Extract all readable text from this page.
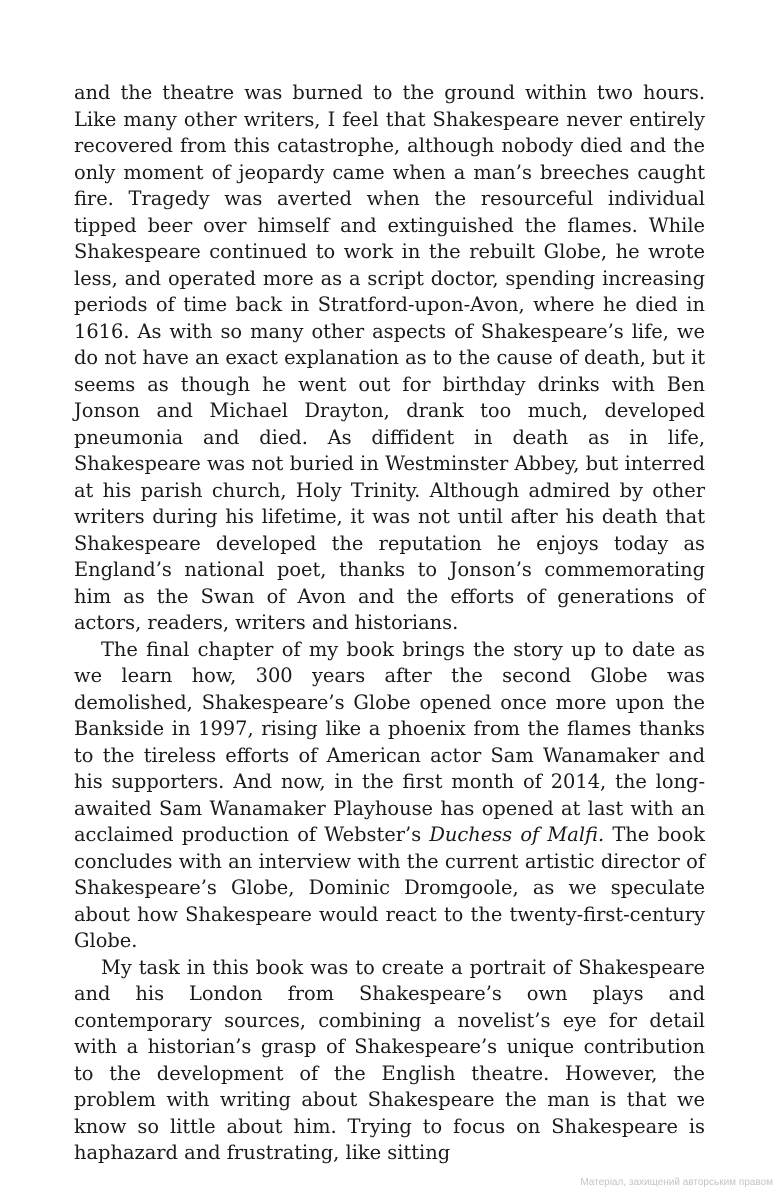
and the theatre was burned to the ground within two hours. Like many other writers, I feel that Shakespeare never entirely recovered from this catastrophe, although nobody died and the only moment of jeopardy came when a man’s breeches caught fire. Tragedy was averted when the resourceful individual tipped beer over himself and extinguished the flames. While Shakespeare continued to work in the rebuilt Globe, he wrote less, and operated more as a script doctor, spending increasing periods of time back in Stratford-upon-Avon, where he died in 1616. As with so many other aspects of Shakespeare’s life, we do not have an exact explanation as to the cause of death, but it seems as though he went out for birthday drinks with Ben Jonson and Michael Drayton, drank too much, developed pneumonia and died. As diffident in death as in life, Shakespeare was not buried in Westminster Abbey, but interred at his parish church, Holy Trinity. Although admired by other writers during his lifetime, it was not until after his death that Shakespeare developed the reputation he enjoys today as England’s national poet, thanks to Jonson’s commemorating him as the Swan of Avon and the efforts of generations of actors, readers, writers and historians.

The final chapter of my book brings the story up to date as we learn how, 300 years after the second Globe was demolished, Shakespeare’s Globe opened once more upon the Bankside in 1997, rising like a phoenix from the flames thanks to the tireless efforts of American actor Sam Wanamaker and his supporters. And now, in the first month of 2014, the long-awaited Sam Wanamaker Playhouse has opened at last with an acclaimed production of Webster’s Duchess of Malfi. The book concludes with an interview with the current artistic director of Shakespeare’s Globe, Dominic Dromgoole, as we speculate about how Shakespeare would react to the twenty-first-century Globe.

My task in this book was to create a portrait of Shakespeare and his London from Shakespeare’s own plays and contemporary sources, combining a novelist’s eye for detail with a historian’s grasp of Shakespeare’s unique contribution to the development of the English theatre. However, the problem with writing about Shakespeare the man is that we know so little about him. Trying to focus on Shakespeare is haphazard and frustrating, like sitting

Матеріал, захищений авторським правом
